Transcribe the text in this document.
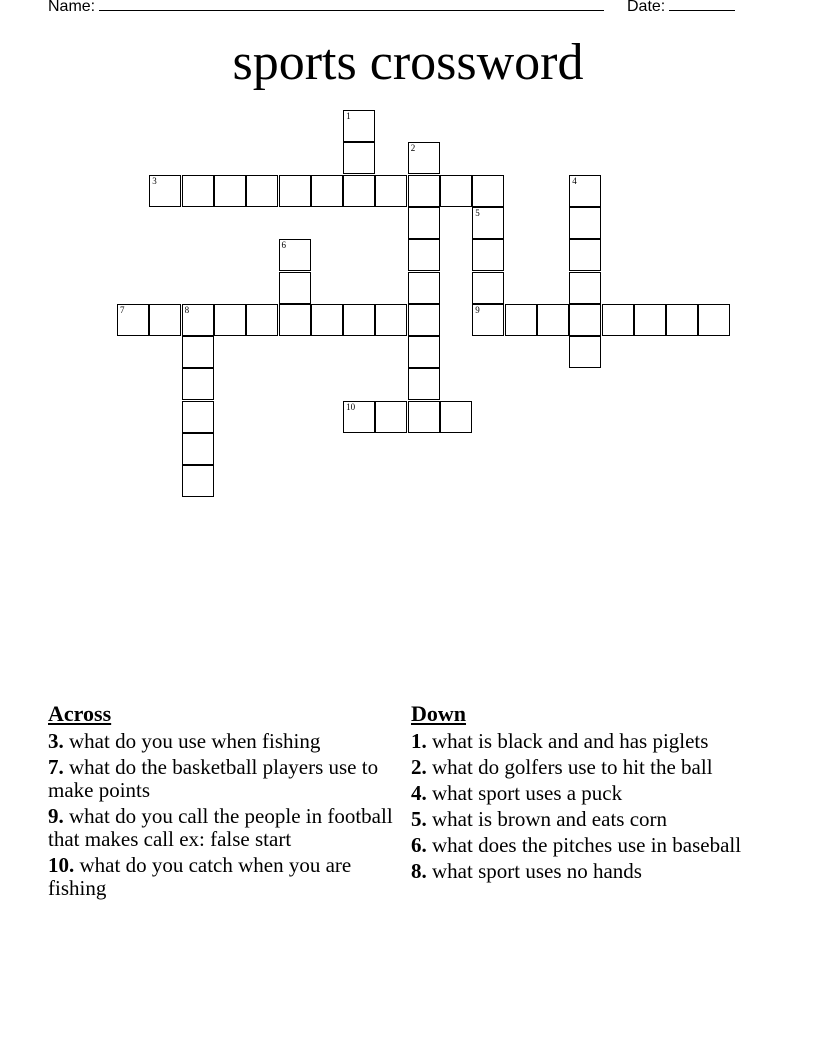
Name:	Date:
sports crossword
3
7	8	9
10
1
2
4
5
6
Across
3. what do you use when fishing
7. what do the basketball players use to make points
9. what do you call the people in football that makes call ex: false start
10. what do you catch when you are fishing
Down
1. what is black and and has piglets
2. what do golfers use to hit the ball
4. what sport uses a puck
5. what is brown and eats corn
6. what does the pitches use in baseball
8. what sport uses no hands
